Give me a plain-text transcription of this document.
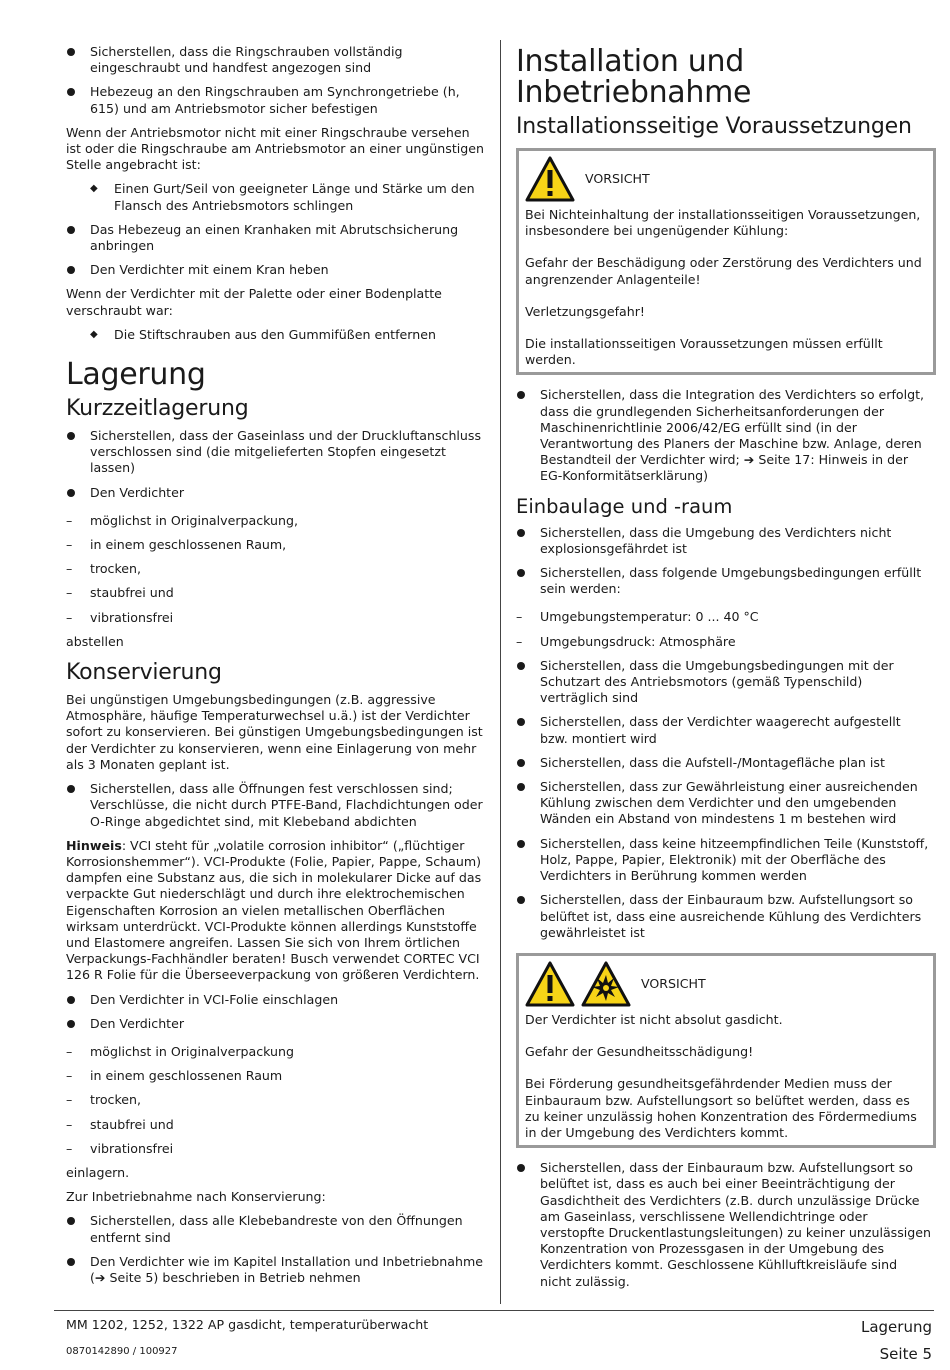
Sicherstellen, dass die Ringschrauben vollständig eingeschraubt und handfest angezogen sind
Hebezeug an den Ringschrauben am Synchrongetriebe (h, 615) und am Antriebsmotor sicher befestigen

Wenn der Antriebsmotor nicht mit einer Ringschraube versehen ist oder die Ringschraube am Antriebsmotor an einer ungünstigen Stelle angebracht ist:

◆ Einen Gurt/Seil von geeigneter Länge und Stärke um den Flansch des Antriebsmotors schlingen
Das Hebezeug an einen Kranhaken mit Abrutschsicherung anbringen
Den Verdichter mit einem Kran heben

Wenn der Verdichter mit der Palette oder einer Bodenplatte verschraubt war:

◆ Die Stiftschrauben aus den Gummifüßen entfernen
Lagerung
Kurzzeitlagerung
Sicherstellen, dass der Gaseinlass und der Druckluftanschluss verschlossen sind (die mitgelieferten Stopfen eingesetzt lassen)
Den Verdichter
– möglichst in Originalverpackung,
– in einem geschlossenen Raum,
– trocken,
– staubfrei und
– vibrationsfrei

abstellen

Konservierung

Bei ungünstigen Umgebungsbedingungen (z.B. aggressive Atmosphäre, häufige Temperaturwechsel u.ä.) ist der Verdichter sofort zu konservieren. Bei günstigen Umgebungsbedingungen ist der Verdichter zu konservieren, wenn eine Einlagerung von mehr als 3 Monaten geplant ist.

Sicherstellen, dass alle Öffnungen fest verschlossen sind; Verschlüsse, die nicht durch PTFE-Band, Flachdichtungen oder O-Ringe abgedichtet sind, mit Klebeband abdichten

Hinweis: VCI steht für „volatile corrosion inhibitor“ („flüchtiger Korrosionshemmer“). VCI-Produkte (Folie, Papier, Pappe, Schaum) dampfen eine Substanz aus, die sich in molekularer Dicke auf das verpackte Gut niederschlägt und durch ihre elektrochemischen Eigenschaften Korrosion an vielen metallischen Oberflächen wirksam unterdrückt. VCI-Produkte können allerdings Kunststoffe und Elastomere angreifen. Lassen Sie sich von Ihrem örtlichen Verpackungs-Fachhändler beraten! Busch verwendet CORTEC VCI 126 R Folie für die Überseeverpackung von größeren Verdichtern.

Den Verdichter in VCI-Folie einschlagen
Den Verdichter
– möglichst in Originalverpackung
– in einem geschlossenen Raum
– trocken,
– staubfrei und
– vibrationsfrei

einlagern.

Zur Inbetriebnahme nach Konservierung:

Sicherstellen, dass alle Klebebandreste von den Öffnungen entfernt sind
Den Verdichter wie im Kapitel Installation und Inbetriebnahme (➔ Seite 5) beschrieben in Betrieb nehmen
Installation und Inbetriebnahme
Installationsseitige Voraussetzungen
VORSICHT

Bei Nichteinhaltung der installationsseitigen Voraussetzungen, insbesondere bei ungenügender Kühlung:

Gefahr der Beschädigung oder Zerstörung des Verdichters und angrenzender Anlagenteile!

Verletzungsgefahr!

Die installationsseitigen Voraussetzungen müssen erfüllt werden.

Sicherstellen, dass die Integration des Verdichters so erfolgt, dass die grundlegenden Sicherheitsanforderungen der Maschinenrichtlinie 2006/42/EG erfüllt sind (in der Verantwortung des Planers der Maschine bzw. Anlage, deren Bestandteil der Verdichter wird; ➔ Seite 17: Hinweis in der EG-Konformitätserklärung)
Einbaulage und -raum
Sicherstellen, dass die Umgebung des Verdichters nicht explosionsgefährdet ist
Sicherstellen, dass folgende Umgebungsbedingungen erfüllt sein werden:
– Umgebungstemperatur: 0 ... 40 °C
– Umgebungsdruck: Atmosphäre
Sicherstellen, dass die Umgebungsbedingungen mit der Schutzart des Antriebsmotors (gemäß Typenschild) verträglich sind
Sicherstellen, dass der Verdichter waagerecht aufgestellt bzw. montiert wird
Sicherstellen, dass die Aufstell-/Montagefläche plan ist
Sicherstellen, dass zur Gewährleistung einer ausreichenden Kühlung zwischen dem Verdichter und den umgebenden Wänden ein Abstand von mindestens 1 m bestehen wird
Sicherstellen, dass keine hitzeempfindlichen Teile (Kunststoff, Holz, Pappe, Papier, Elektronik) mit der Oberfläche des Verdichters in Berührung kommen werden
Sicherstellen, dass der Einbauraum bzw. Aufstellungsort so belüftet ist, dass eine ausreichende Kühlung des Verdichters gewährleistet ist
VORSICHT

Der Verdichter ist nicht absolut gasdicht.

Gefahr der Gesundheitsschädigung!

Bei Förderung gesundheitsgefährdender Medien muss der Einbauraum bzw. Aufstellungsort so belüftet werden, dass es zu keiner unzulässig hohen Konzentration des Fördermediums in der Umgebung des Verdichters kommt.

Sicherstellen, dass der Einbauraum bzw. Aufstellungsort so belüftet ist, dass es auch bei einer Beeinträchtigung der Gasdichtheit des Verdichters (z.B. durch unzulässige Drücke am Gaseinlass, verschlissene Wellendichtringe oder verstopfte Druckentlastungsleitungen) zu keiner unzulässigen Konzentration von Prozessgasen in der Umgebung des Verdichters kommt. Geschlossene Kühlluftkreisläufe sind nicht zulässig.
MM 1202, 1252, 1322 AP gasdicht, temperaturüberwacht
0870142890 / 100927
Lagerung
Seite 5
